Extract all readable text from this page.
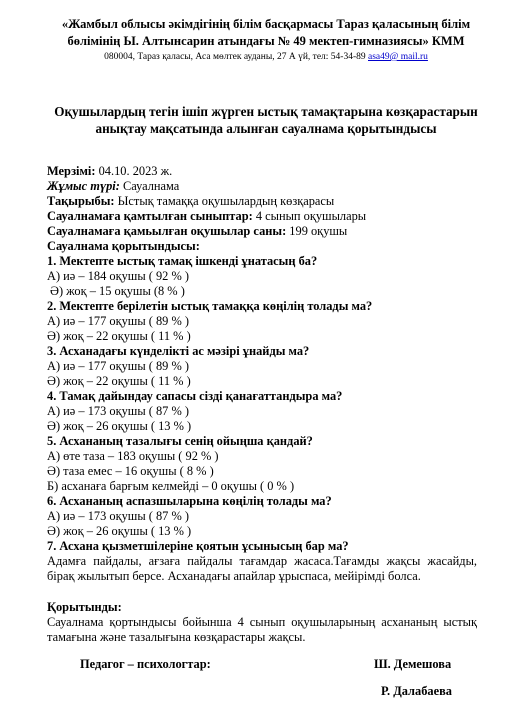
«Жамбыл облысы әкімдігінің білім басқармасы Тараз қаласының білім бөлімінің Ы. Алтынсарин атындағы № 49 мектеп-гимназиясы» КММ
080004, Тараз қаласы, Аса мөлтек ауданы, 27 А үй, тел: 54-34-89 asa49@ mail.ru
Оқушылардың тегін ішіп жүрген ыстық тамақтарына көзқарастарын анықтау мақсатында алынған сауалнама қорытындысы

Мерзімі: 04.10. 2023 ж.

Жұмыс түрі: Сауалнама

Тақырыбы: Ыстық тамаққа оқушылардың көзқарасы

Сауалнамаға қамтылған сыныптар: 4 сынып оқушылары

Сауалнамаға қамьылған оқушылар саны: 199 оқушы

Сауалнама қорытындысы:

1. Мектепте ыстық тамақ ішкенді ұнатасың ба?

А) иә – 184 оқушы ( 92 % )

Ә) жоқ – 15 оқушы (8 % )

2. Мектепте берілетін ыстық тамаққа көңілің толады ма?

А) иә – 177 оқушы ( 89 % )

Ә) жоқ – 22 оқушы ( 11 % )

3. Асханадағы күнделікті ас мәзірі ұнайды ма?

А) иә – 177 оқушы ( 89 % )

Ә) жоқ – 22 оқушы ( 11 % )

4. Тамақ дайындау сапасы сізді қанағаттандыра ма?

А) иә – 173 оқушы ( 87 % )

Ә) жоқ – 26 оқушы ( 13 % )

5. Асхананың тазалығы сенің ойыңша қандай?

А) өте таза – 183 оқушы ( 92 % )

Ә) таза емес – 16 оқушы ( 8 % )

Б) асханаға барғым келмейді – 0 оқушы ( 0 % )

6. Асхананың аспазшыларына көңілің толады ма?

А) иә – 173 оқушы ( 87 % )

Ә) жоқ – 26 оқушы ( 13 % )

7. Асхана қызметшілеріне қоятын ұсынысың бар ма?

Адамға пайдалы, ағзаға пайдалы тағамдар жасаса.Тағамды жақсы жасайды, бірақ жылытып берсе. Асханадағы апайлар ұрыспаса, мейірімді болса.

Қорытынды:

Сауалнама қортындысы бойынша 4 сынып оқушыларының асхананың ыстық тамағына және тазалығына көзқарастары жақсы.

Педагог – психологтар:	Ш. Демешова
Р. Далабаева
